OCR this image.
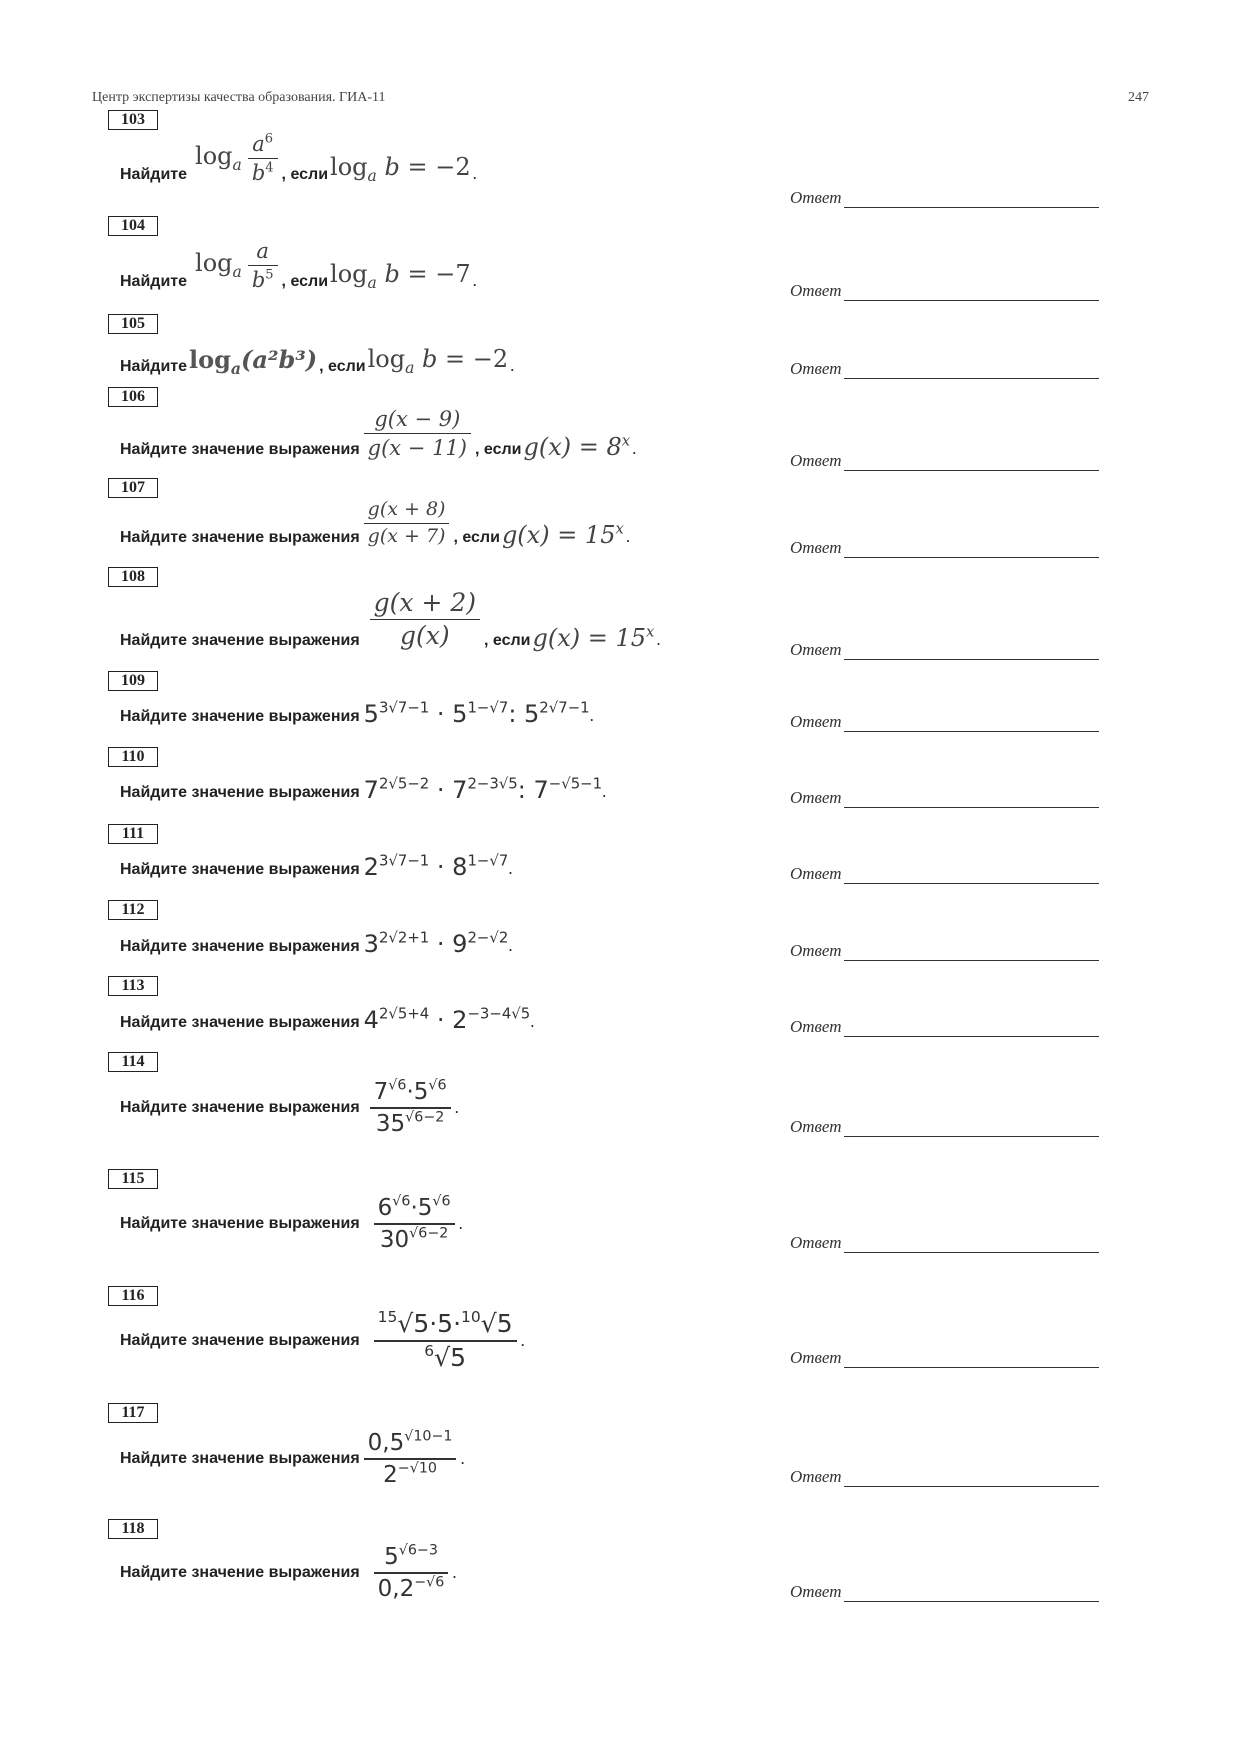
Центр экспертизы качества образования. ГИА-11	247
103
Найдите
$\log_a \frac{a^6}{b^4}$ , если $\log_a b = -2$ .
Ответ
104
Найдите
$\log_a \frac{a}{b^5}$ , если $\log_a b = -7$ .
Ответ
105
Найдите $\log_a(a^2b^3)$ , если $\log_a b = -2$ .	Ответ
106
Найдите значение выражения $\frac{g(x - 9)}{g(x - 11)}$ , если $g(x) = 8^x$ .
Ответ
107
Найдите значение выражения $\frac{g(x + 8)}{g(x + 7)}$ , если $g(x) = 15^x$ .
Ответ
108
Найдите значение выражения $\frac{g(x + 2)}{g(x)}$ , если $g(x) = 15^x$ .
Ответ
109
Найдите значение выражения $5^{3√7-1} \cdot 5^{1-√7}$: $5^{2√7-1}$ .	Ответ
110
Найдите значение выражения $7^{2√5-2} \cdot 7^{2-3√5}$: $7^{-√5-1}$ .	Ответ
111
Найдите значение выражения $2^{3√7-1} \cdot 8^{1-√7}$ .	Ответ
112
Найдите значение выражения $3^{2√2+1} \cdot 9^{2-√2}$ .	Ответ
113
Найдите значение выражения $4^{2√5+4} \cdot 2^{-3-4√5}$ .	Ответ
114
Найдите значение выражения $\frac{7^{√6}\cdot 5^{√6}}{35^{√6-2}}$ .
Ответ
115
Найдите значение выражения $\frac{6^{√6}\cdot 5^{√6}}{30^{√6-2}}$ .
Ответ
116
Найдите значение выражения $\frac{^{15}√5\cdot 5\cdot^{10}√5}{^6√5}$ .
Ответ
117
Найдите значение выражения $\frac{0,5^{√10-1}}{2^{-√10}}$ .
Ответ
118
Найдите значение выражения $\frac{5^{√6-3}}{0,2^{-√6}}$ .
Ответ
